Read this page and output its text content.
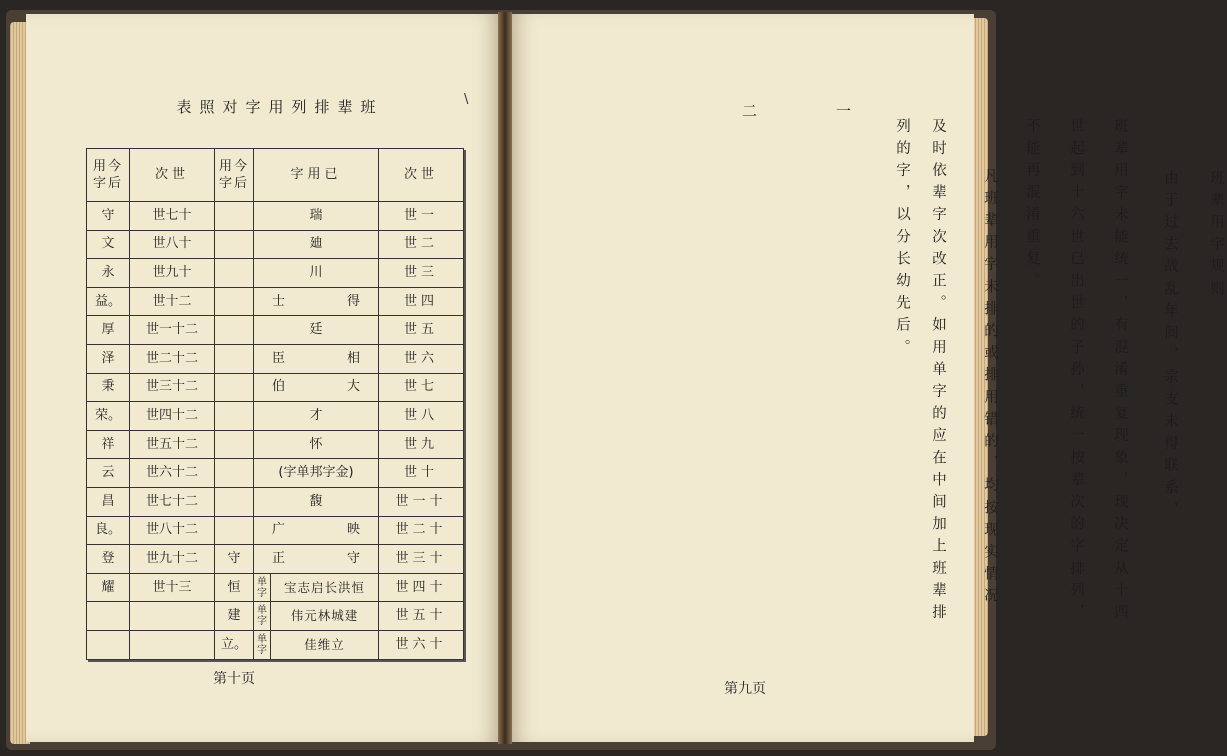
表照对字用列排辈班	\
用今字后	次世	用今字后	字用已	次世
守	世七十		瑞	世一
文	世八十		廸	世二
永	世九十		川	世三
益。	世十二		士 得	世四
厚	世一十二		廷	世五
泽	世二十二		臣 相	世六
秉	世三十二		伯 大	世七
荣。	世四十二		才	世八
祥	世五十二		怀	世九
云	世六十二		(字单邦字金)	世十
昌	世七十二		馥	世一十
良。	世八十二		广 映	世二十
登	世九十二	守	正 守	世三十
耀	世十三	恒	单字 宝志启长洪恒	世四十
		建	单字 伟元林城建	世五十
		立。	单字 佳维立	世六十
第十页
二	一
班辈用字规则
由于过去战乱年间，宗支未得联系，
班辈用字未能统一，有混淆重复现象，现决定从十四
世起到十六世已出世的子孙，统一按辈次的字排列，
不能再混淆重复。
凡班辈用字未排的或排用错的，均按现实情况
及时依辈字次改正。如用单字的应在中间加上班辈排
列的字，以分长幼先后。
第九页
